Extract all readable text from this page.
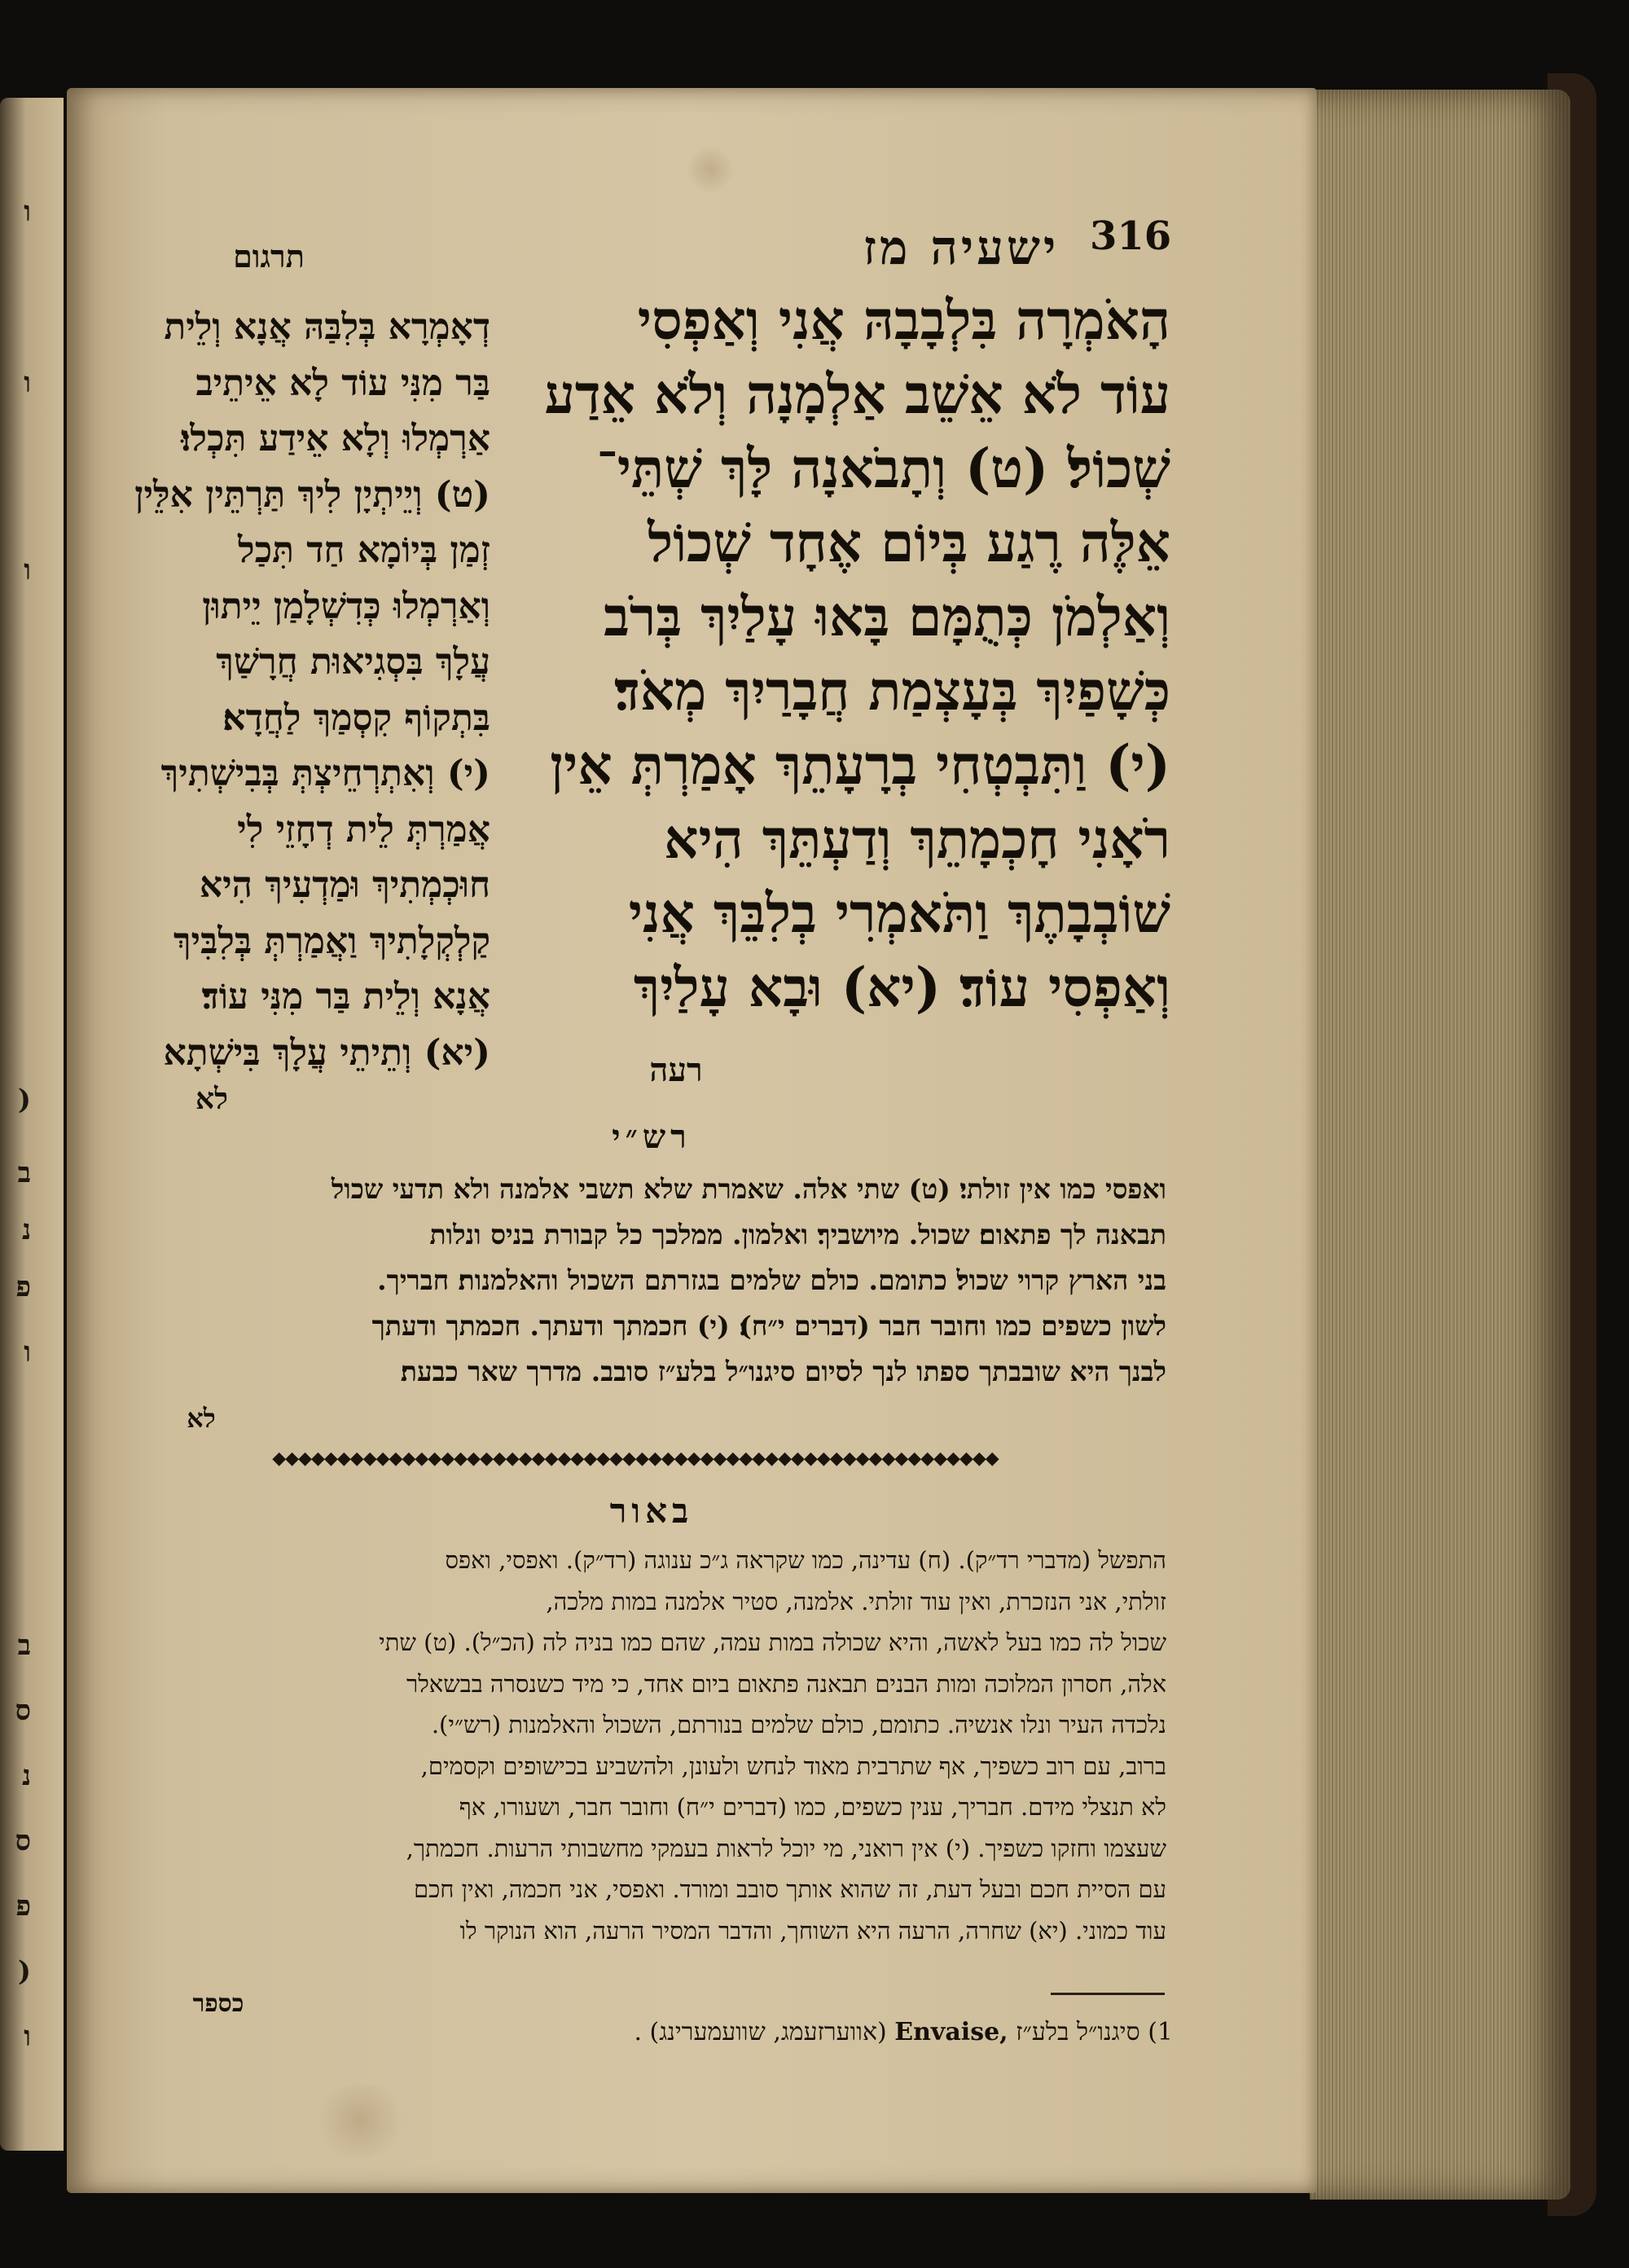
ו
ו
ו
(
ב
נ
פ
ו
ב
ס
נ
ס
פ
(
ו
ישעיה מז 316
תרגום
הָאֹמְרָה בִּלְבָבָהּ אֲנִי וְאַפְסִי
עוֹד לֹא אֵשֵׁב אַלְמָנָה וְלֹא אֵדַע
שְׁכוֹל׃ (ט) וְתָבֹאנָה לָּךְ שְׁתֵּי־
אֵלֶּה רֶגַע בְּיוֹם אֶחָד שְׁכוֹל
וְאַלְמֹן כְּתֻמָּם בָּאוּ עָלַיִךְ בְּרֹב
כְּשָׁפַיִךְ בְּעָצְמַת חֲבָרַיִךְ מְאֹד׃
(י) וַתִּבְטְחִי בְרָעָתֵךְ אָמַרְתְּ אֵין
רֹאָנִי חָכְמָתֵךְ וְדַעְתֵּךְ הִיא
שׁוֹבְבָתֶךְ וַתֹּאמְרִי בְלִבֵּךְ אֲנִי
וְאַפְסִי עוֹד׃ (יא) וּבָא עָלַיִךְ
רעה
דְאָמְרָא בְּלִבַּהּ אֲנָא וְלֵית
בַּר מִנִּי עוֹד לָא אֵיתֵיב
אַרְמְלוּ וְלָא אֵידַע תִּכְלוּ׃
(ט) וְיֵיתְיָן לִיךְ תַּרְתֵּין אִלֵּין
זְמַן בְּיוֹמָא חַד תִּכַל
וְאַרְמְלוּ כְּדִשְׁלָמַן יֵיתוּן
עֲלָךְ בִּסְגִיאוּת חֲרָשַׁךְ
בִּתְקוֹף קִסְמַךְ לַחֲדָא׃
(י) וְאִתְרְחֵיצְתְּ בְּבִישְׁתִיךְ
אֲמַרְתְּ לֵית דְחָזֵי לִי
חוּכְמְתִיךְ וּמַדְעִיךְ הִיא
קַלְקְלָתִיךְ וַאֲמַרְתְּ בְּלִבִּיךְ
אֲנָא וְלֵית בַּר מִנִּי עוֹד׃
(יא) וְתֵיתֵי עֲלָךְ בִּישְׁתָא
לא
רש״י
ואפסי כמו אין זולתי׃ (ט) שתי אלה. שאמרת שלא תשבי אלמנה ולא תדעי שכול
תבאנה לך פתאום׃ שכול. מיושביך׃ ואלמון. ממלכך כל קבורת בניס ונלות
בני הארץ קרוי שכול׃ כתומם. כולם שלמים בגזרתם השכול והאלמנות׃ חבריך.
לשון כשפים כמו וחובר חבר (דברים י״ח)׃ (י) חכמתך ודעתך. חכמתך ודעתך
לבנך היא שובבתך ספתו לנך לסיום סיגנו״ל בלע״ז סובב. מדרך שאר כבעת׃
לא
◆◆◆◆◆◆◆◆◆◆◆◆◆◆◆◆◆◆◆◆◆◆◆◆◆◆◆◆◆◆◆◆◆◆◆◆◆◆◆◆◆◆◆◆◆◆◆◆◆◆◆◆◆◆◆◆
באור
התפשל (מדברי רד״ק). (ח) עדינה, כמו שקראה ג״כ ענוגה (רד״ק). ואפסי, ואפס
זולתי, אני הנזכרת, ואין עוד זולתי. אלמנה, סטיר אלמנה במות מלכה,
שכול לה כמו בעל לאשה, והיא שכולה במות עמה, שהם כמו בניה לה (הכ״ל). (ט) שתי
אלה, חסרון המלוכה ומות הבנים תבאנה פתאום ביום אחד, כי מיד כשנסרה בבשאלר
נלכדה העיר ונלו אנשיה. כתומם, כולם שלמים בנורתם, השכול והאלמנות (רש״י).
ברוב, עם רוב כשפיך, אף שתרבית מאוד לנחש ולעונן, ולהשביע בכישופים וקסמים,
לא תנצלי מידם. חבריך, ענין כשפים, כמו (דברים י״ח) וחובר חבר, ושעורו, אף
שעצמו וחזקו כשפיך. (י) אין רואני, מי יוכל לראות בעמקי מחשבותי הרעות. חכמתך,
עם הסיית חכם ובעל דעת, זה שהוא אותך סובב ומורד. ואפסי, אני חכמה, ואין חכם
עוד כמוני. (יא) שחרה, הרעה היא השוחך, והדבר המסיר הרעה, הוא הנוקר לו
כספר
1) סיגנו״ל בלע״ז Envaise, (אווערזעמג, שוועמערינג) .
